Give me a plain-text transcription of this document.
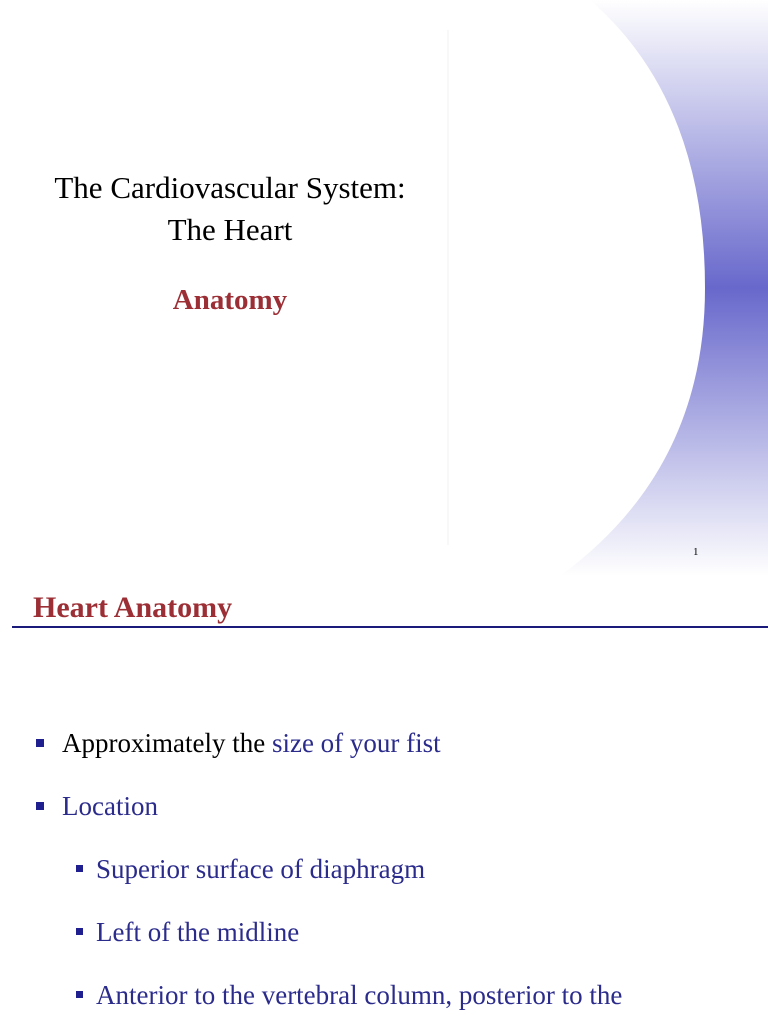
The Cardiovascular System:
The Heart
Anatomy
1
Heart Anatomy
Approximately the size of your fist
Location
Superior surface of diaphragm
Left of the midline
Anterior to the vertebral column, posterior to the
